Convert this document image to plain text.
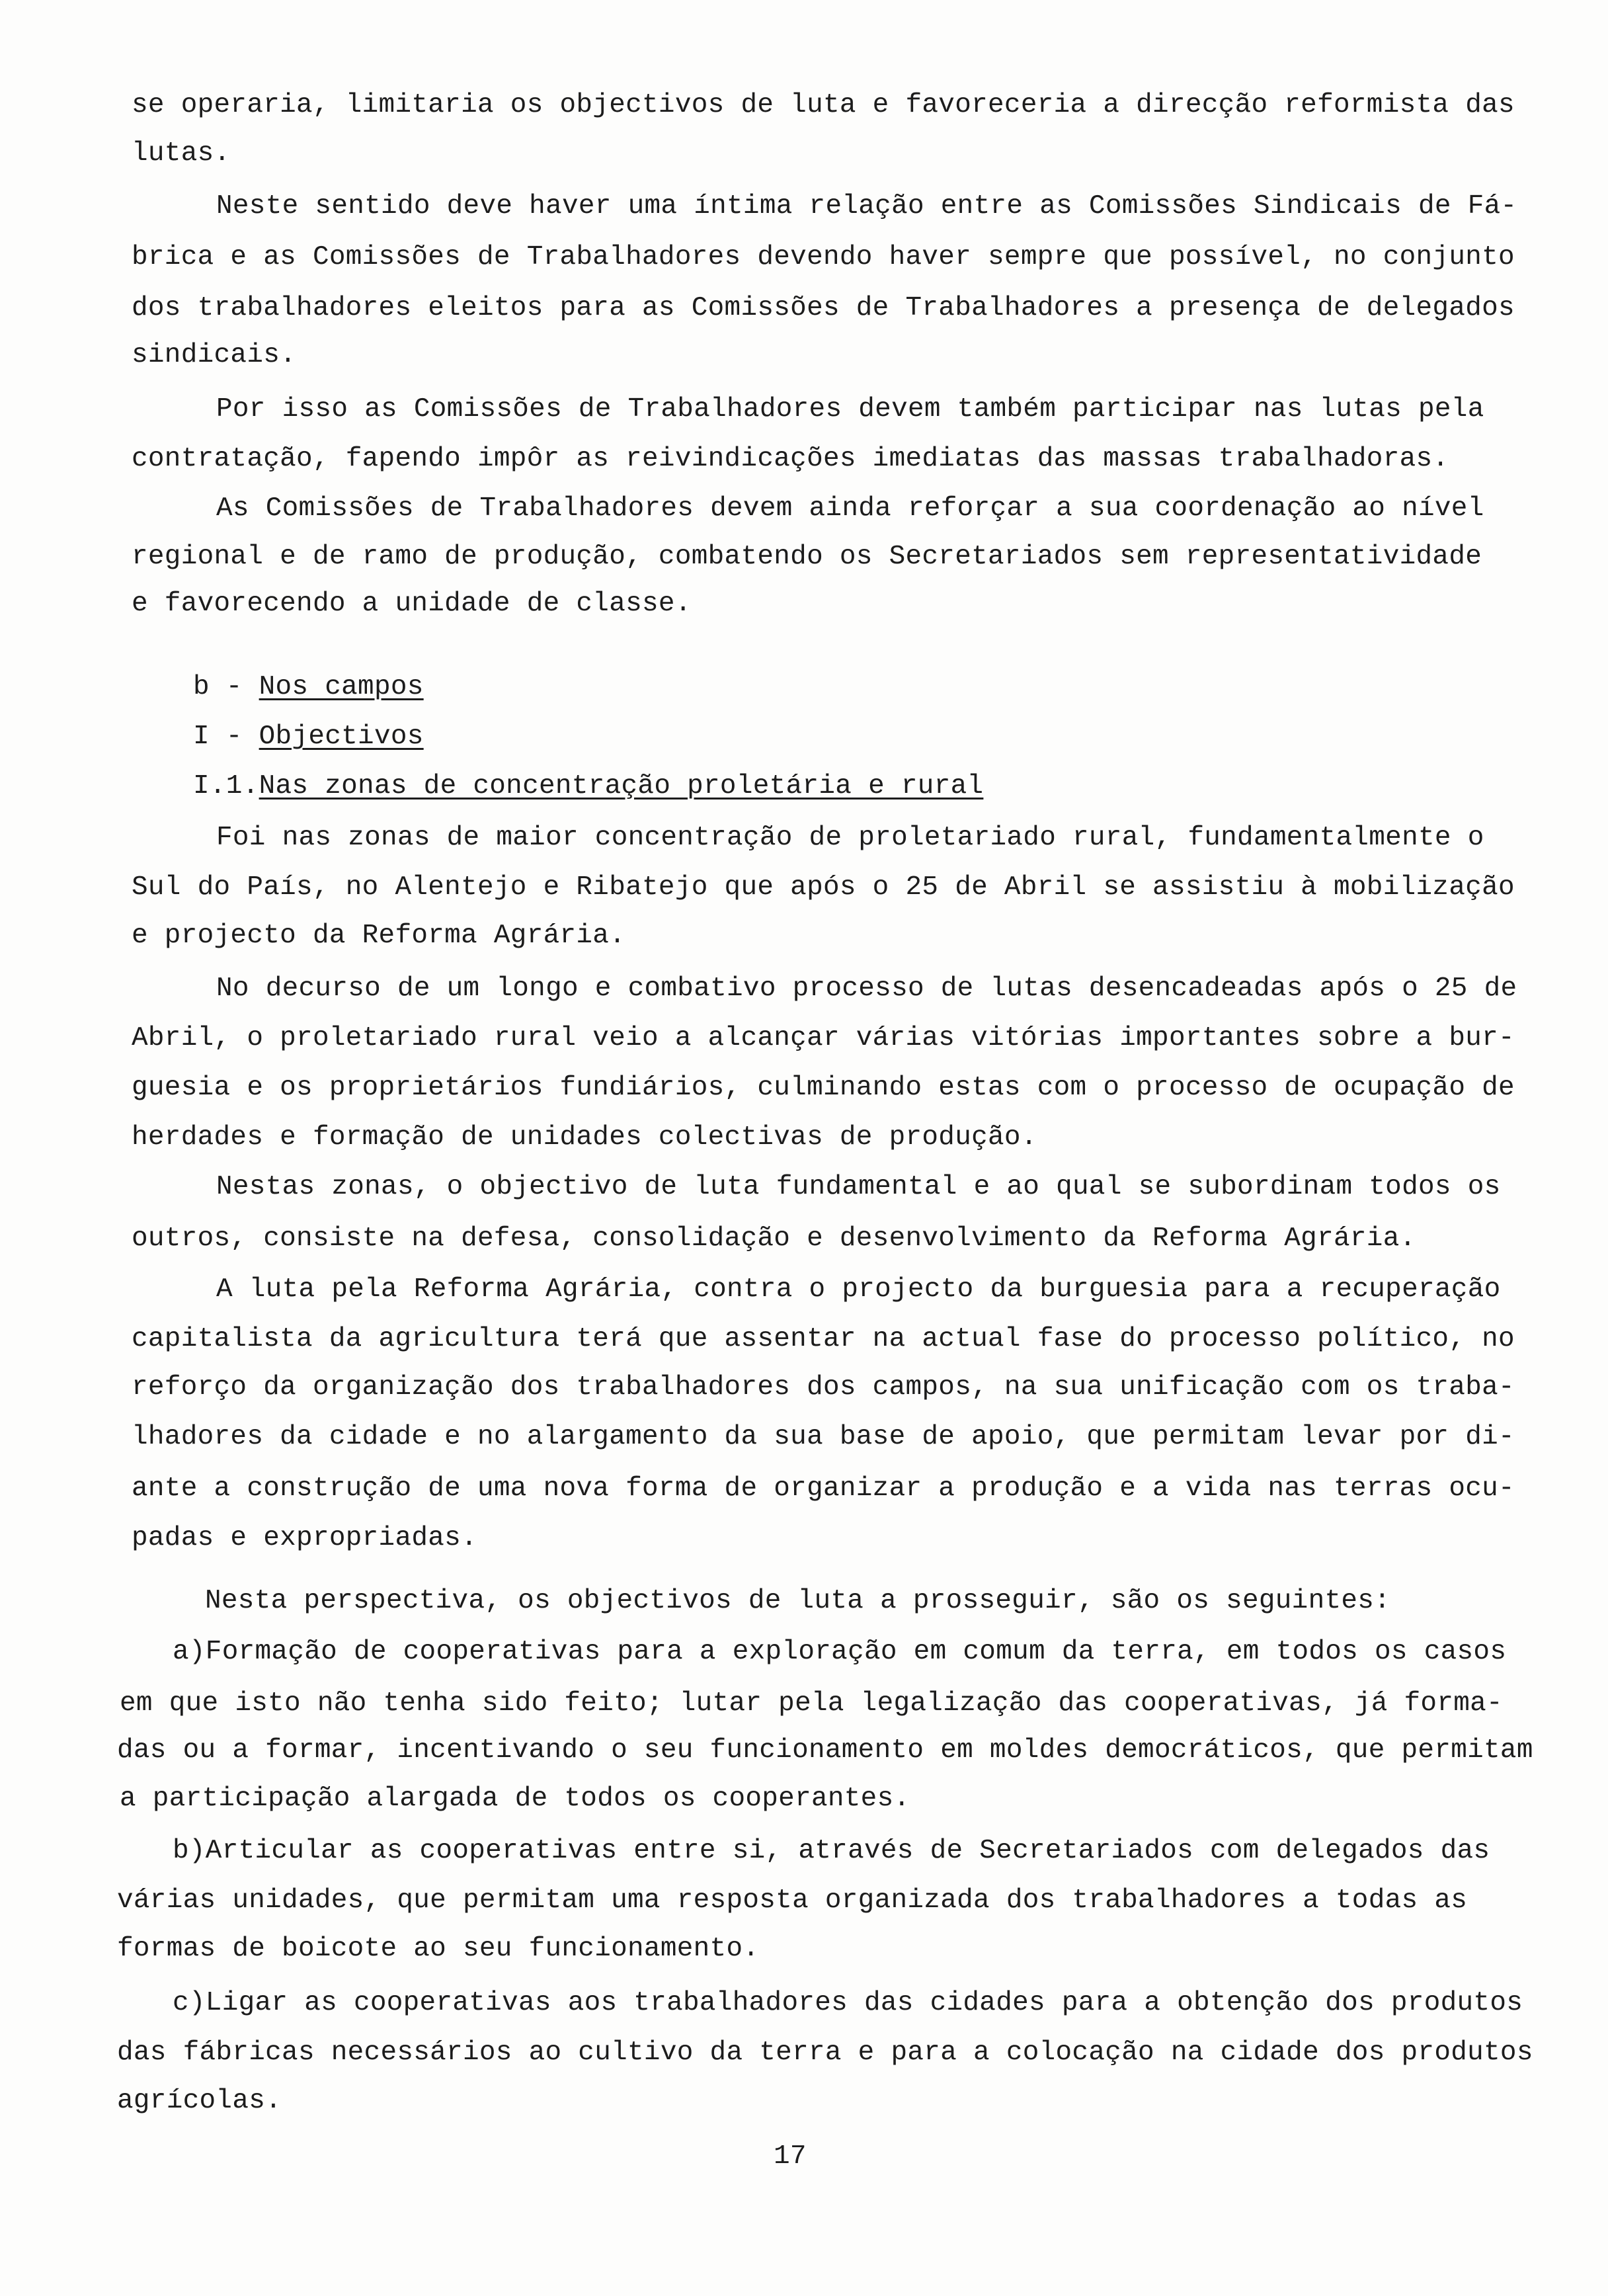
se operaria, limitaria os objectivos de luta e favoreceria a direcção reformista das
lutas.
Neste sentido deve haver uma íntima relação entre as Comissões Sindicais de Fá-
brica e as Comissões de Trabalhadores devendo haver sempre que possível, no conjunto
dos trabalhadores eleitos para as Comissões de Trabalhadores a presença de delegados
sindicais.
Por isso as Comissões de Trabalhadores devem também participar nas lutas pela
contratação, fapendo impôr as reivindicações imediatas das massas trabalhadoras.
As Comissões de Trabalhadores devem ainda reforçar a sua coordenação ao nível
regional e de ramo de produção, combatendo os Secretariados sem representatividade
e favorecendo a unidade de classe.
b - Nos campos
I - Objectivos
I.1.Nas zonas de concentração proletária e rural
Foi nas zonas de maior concentração de proletariado rural, fundamentalmente o
Sul do País, no Alentejo e Ribatejo que após o 25 de Abril se assistiu à mobilização
e projecto da Reforma Agrária.
No decurso de um longo e combativo processo de lutas desencadeadas após o 25 de
Abril, o proletariado rural veio a alcançar várias vitórias importantes sobre a bur-
guesia e os proprietários fundiários, culminando estas com o processo de ocupação de
herdades e formação de unidades colectivas de produção.
Nestas zonas, o objectivo de luta fundamental e ao qual se subordinam todos os
outros, consiste na defesa, consolidação e desenvolvimento da Reforma Agrária.
A luta pela Reforma Agrária, contra o projecto da burguesia para a recuperação
capitalista da agricultura terá que assentar na actual fase do processo político, no
reforço da organização dos trabalhadores dos campos, na sua unificação com os traba-
lhadores da cidade e no alargamento da sua base de apoio, que permitam levar por di-
ante a construção de uma nova forma de organizar a produção e a vida nas terras ocu-
padas e expropriadas.
Nesta perspectiva, os objectivos de luta a prosseguir, são os seguintes:
a)Formação de cooperativas para a exploração em comum da terra, em todos os casos
em que isto não tenha sido feito; lutar pela legalização das cooperativas, já forma-
das ou a formar, incentivando o seu funcionamento em moldes democráticos, que permitam
a participação alargada de todos os cooperantes.
b)Articular as cooperativas entre si, através de Secretariados com delegados das
várias unidades, que permitam uma resposta organizada dos trabalhadores a todas as
formas de boicote ao seu funcionamento.
c)Ligar as cooperativas aos trabalhadores das cidades para a obtenção dos produtos
das fábricas necessários ao cultivo da terra e para a colocação na cidade dos produtos
agrícolas.
17
